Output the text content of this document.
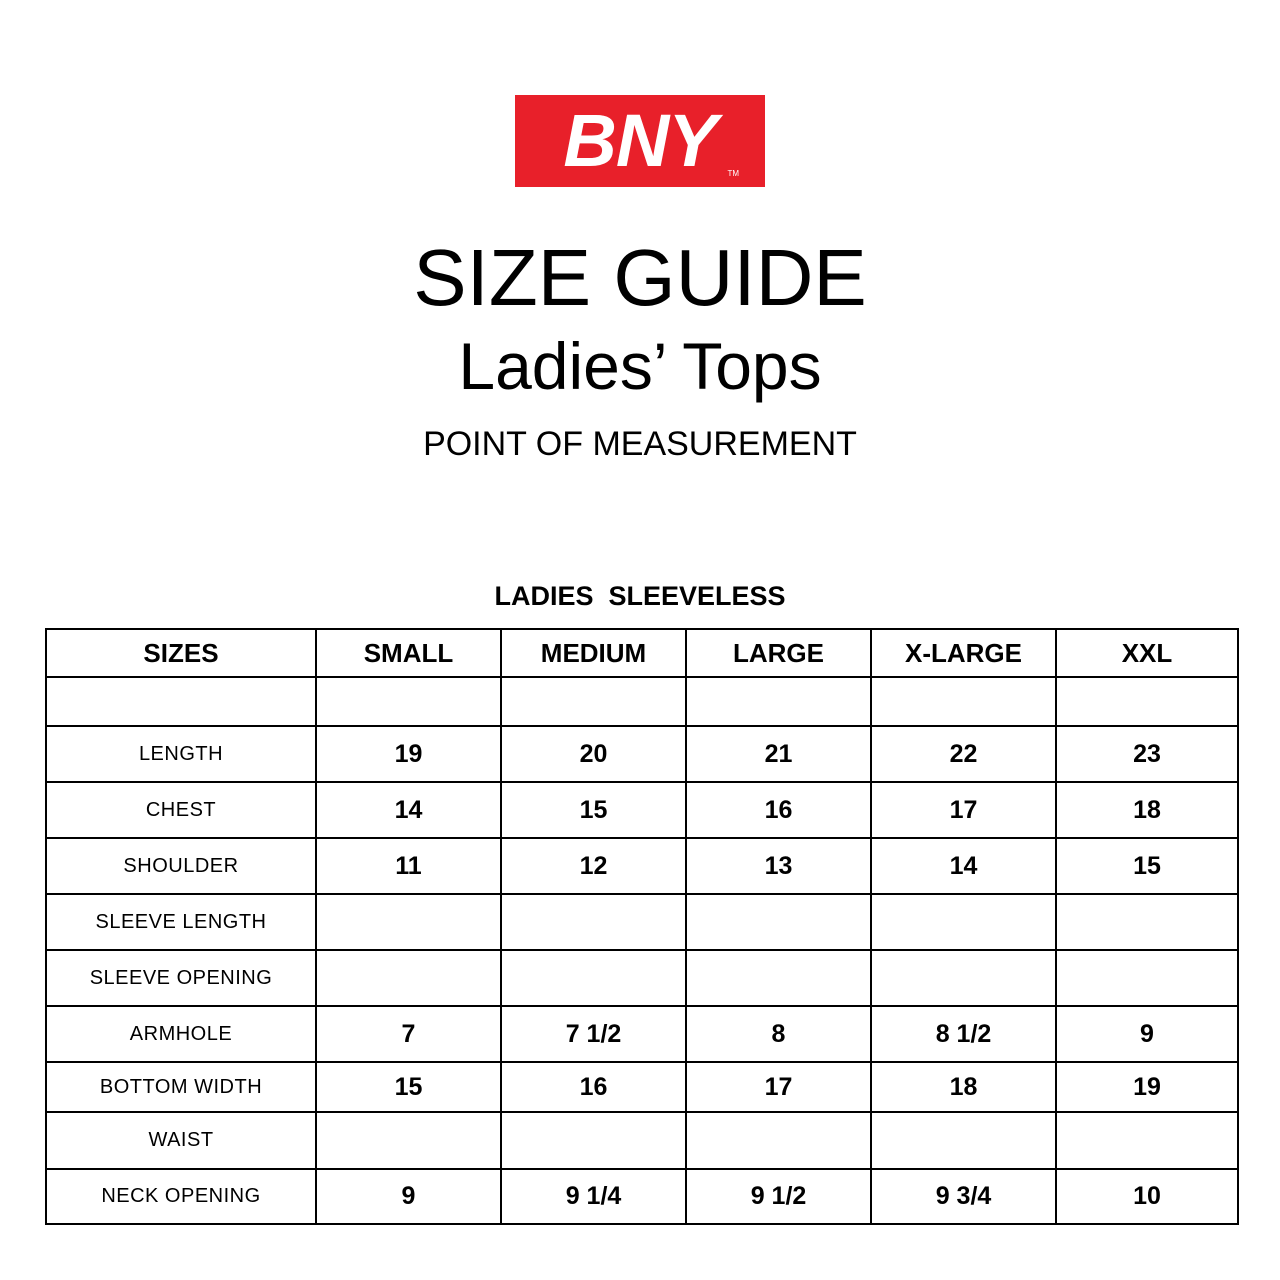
BNY	TM
SIZE GUIDE
Ladies’ Tops
POINT OF MEASUREMENT
LADIES  SLEEVELESS
SIZES	SMALL	MEDIUM	LARGE	X-LARGE	XXL

LENGTH	19	20	21	22	23
CHEST	14	15	16	17	18
SHOULDER	11	12	13	14	15
SLEEVE LENGTH					
SLEEVE OPENING					
ARMHOLE	7	7 1/2	8	8 1/2	9
BOTTOM WIDTH	15	16	17	18	19
WAIST					
NECK OPENING	9	9 1/4	9 1/2	9 3/4	10
